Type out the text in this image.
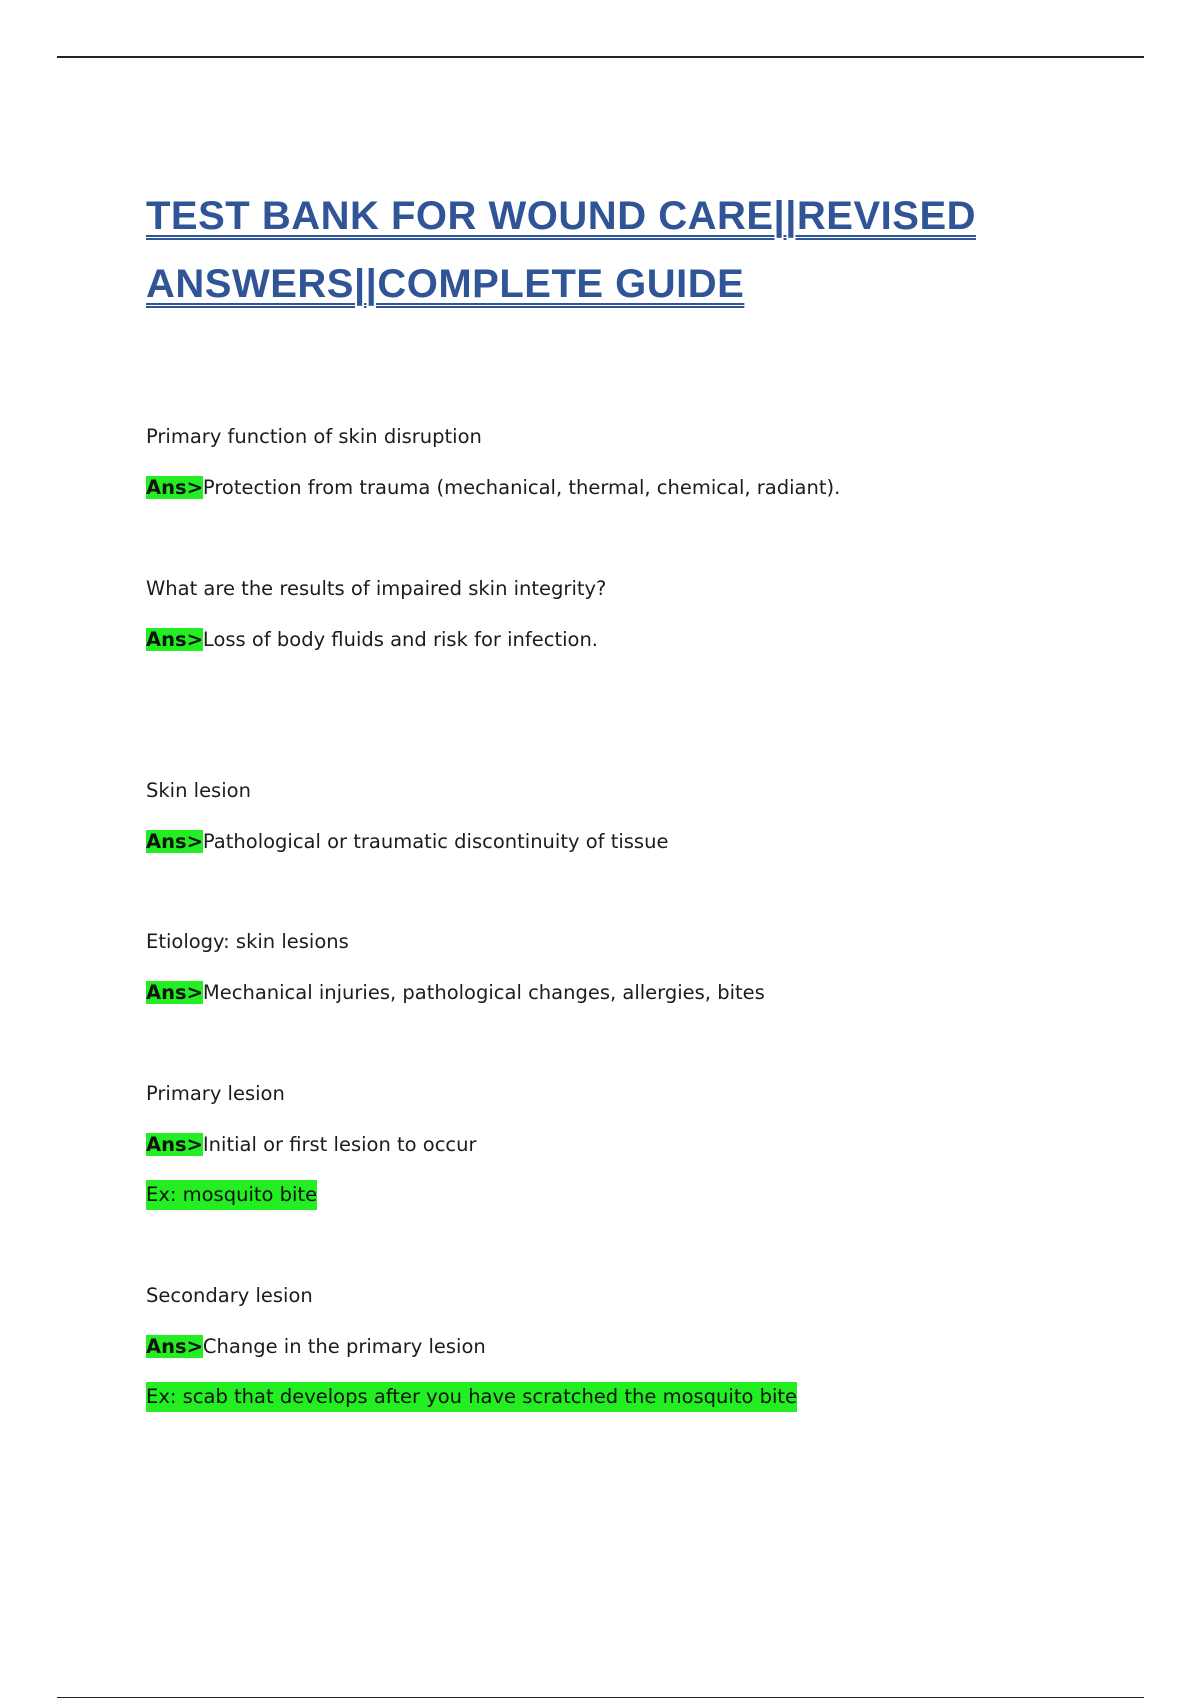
TEST BANK FOR WOUND CARE||REVISED
ANSWERS||COMPLETE GUIDE
Primary function of skin disruption
Ans>Protection from trauma (mechanical, thermal, chemical, radiant).
What are the results of impaired skin integrity?
Ans>Loss of body fluids and risk for infection.
Skin lesion
Ans>Pathological or traumatic discontinuity of tissue
Etiology: skin lesions
Ans>Mechanical injuries, pathological changes, allergies, bites
Primary lesion
Ans>Initial or first lesion to occur
Ex: mosquito bite
Secondary lesion
Ans>Change in the primary lesion
Ex: scab that develops after you have scratched the mosquito bite
